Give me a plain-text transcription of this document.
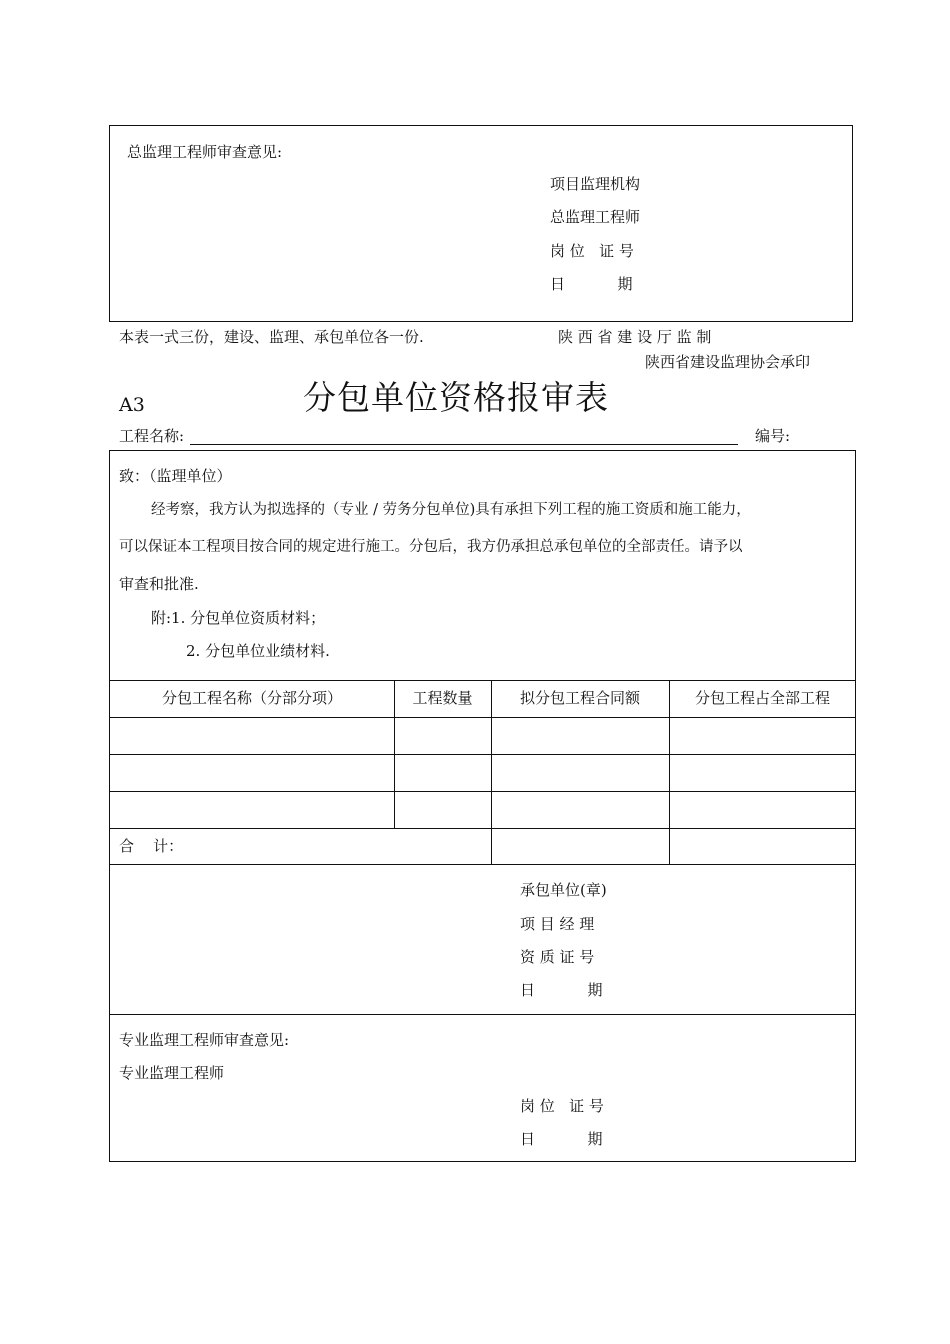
总监理工程师审查意见:
项目监理机构
总监理工程师
岗 位   证 号
日           期
本表一式三份，建设、监理、承包单位各一份.	陕 西 省 建 设 厅 监 制
陕西省建设监理协会承印
A3	分包单位资格报审表
工程名称:	编号:
致：（监理单位）
经考察，我方认为拟选择的（专业 / 劳务分包单位)具有承担下列工程的施工资质和施工能力，
可以保证本工程项目按合同的规定进行施工。分包后，我方仍承担总承包单位的全部责任。请予以
审查和批准.
附:1. 分包单位资质材料；
2. 分包单位业绩材料.
分包工程名称（分部分项）	工程数量	拟分包工程合同额	分包工程占全部工程
合    计：
承包单位(章)
项 目 经 理
资 质 证 号
日           期
专业监理工程师审查意见:
专业监理工程师
岗 位   证 号
日           期
